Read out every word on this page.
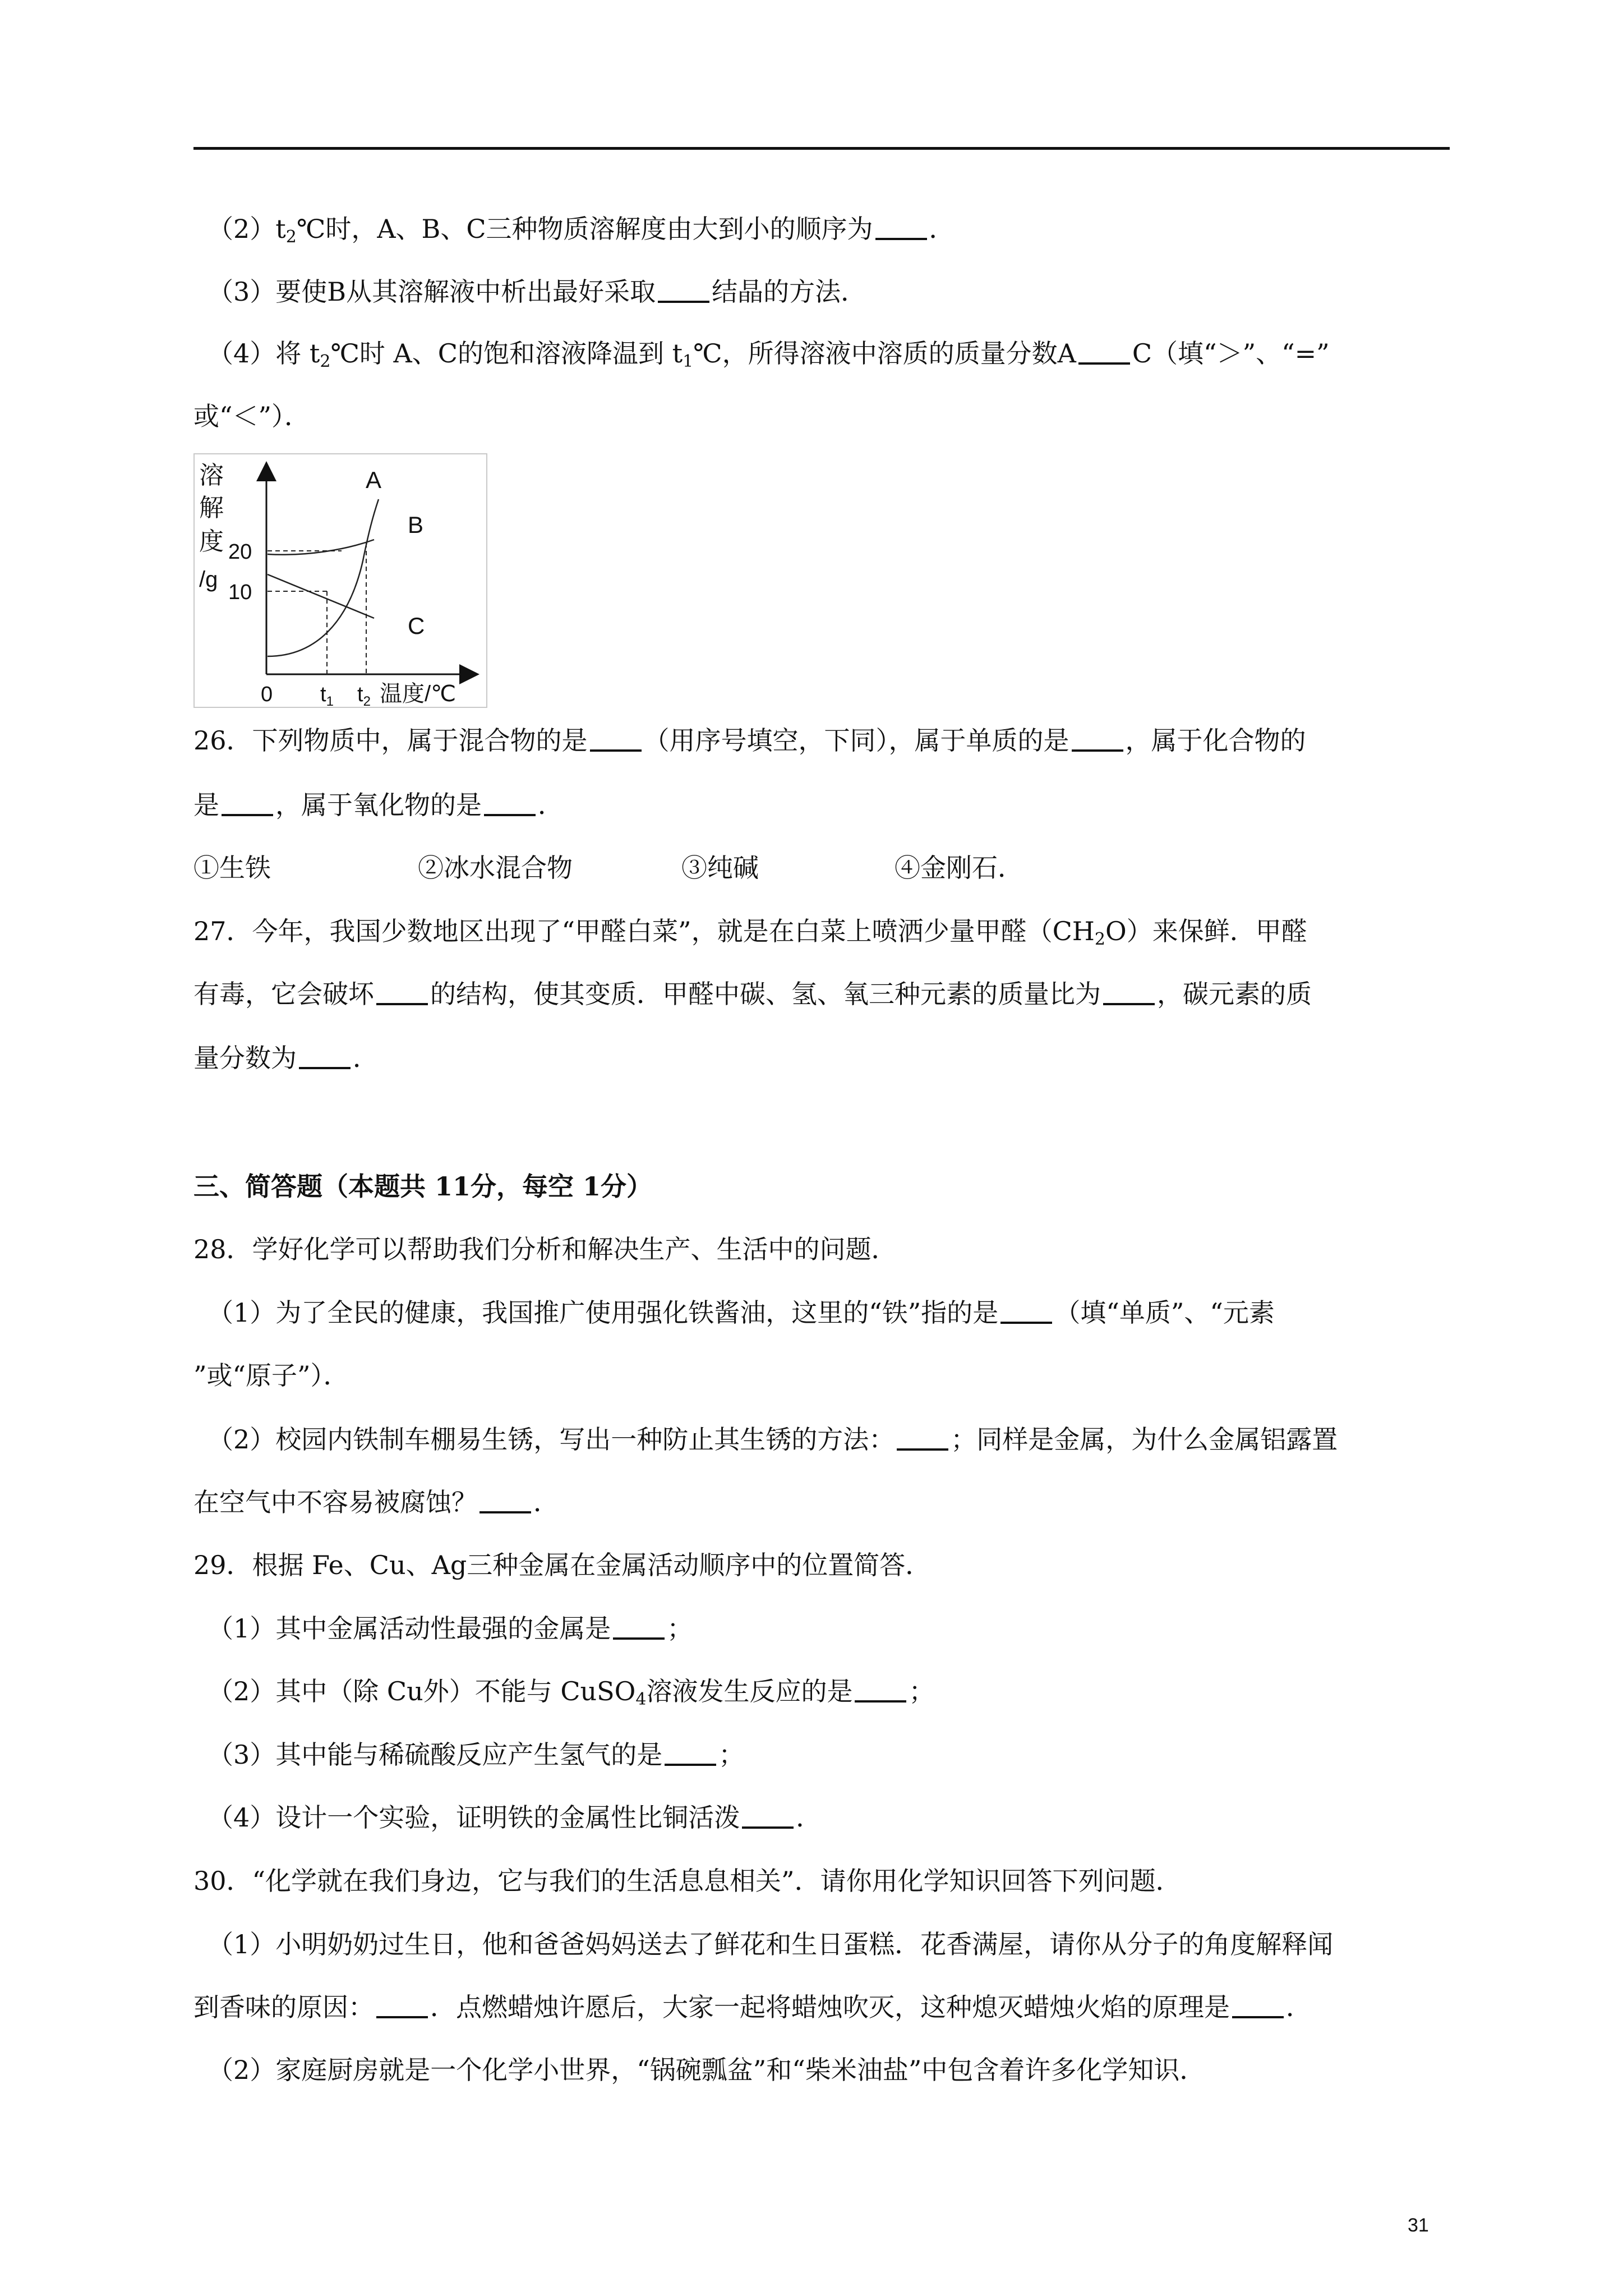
$(2)t_2℃$时，A、B、C三种物质溶解度由大到小的顺序为 ．
（3）要使B从其溶解液中析出最好采取 结晶的方法．
（4）将 $t_2℃$时 A、C的饱和溶液降温到 $t_1℃$，所得溶液中溶质的质量分数A C（填“＞”、“=”
或“＜”）．
溶
解
度
/g
20
10
0 $t_1$ $t_2$ 温度/℃
A
B
C
26．下列物质中，属于混合物的是 （用序号填空，下同），属于单质的是 ，属于化合物的
是 ，属于氧化物的是 ．
①生铁	②冰水混合物	③纯碱	④金刚石．
27．今年，我国少数地区出现了“甲醛白菜”，就是在白菜上喷洒少量甲醛$(CH_2O)$来保鲜．甲醛
有毒，它会破坏 的结构，使其变质．甲醛中碳、氢、氧三种元素的质量比为 ，碳元素的质
量分数为 ．
三、简答题（本题共 11分，每空 1分）
28．学好化学可以帮助我们分析和解决生产、生活中的问题．
（1）为了全民的健康，我国推广使用强化铁酱油，这里的“铁”指的是 （填“单质”、“元素
”或“原子”）．
（2）校园内铁制车棚易生锈，写出一种防止其生锈的方法： ；同样是金属，为什么金属铝露置
在空气中不容易被腐蚀？ ．
29．根据 Fe、Cu、Ag三种金属在金属活动顺序中的位置简答．
（1）其中金属活动性最强的金属是 ；
（2）其中（除 Cu外）不能与 CuSO$_4$溶液发生反应的是 ；
（3）其中能与稀硫酸反应产生氢气的是 ；
（4）设计一个实验，证明铁的金属性比铜活泼 ．
30．“化学就在我们身边，它与我们的生活息息相关”．请你用化学知识回答下列问题．
（1）小明奶奶过生日，他和爸爸妈妈送去了鲜花和生日蛋糕．花香满屋，请你从分子的角度解释闻
到香味的原因： ．点燃蜡烛许愿后，大家一起将蜡烛吹灭，这种熄灭蜡烛火焰的原理是 ．
（2）家庭厨房就是一个化学小世界，“锅碗瓢盆”和“柴米油盐”中包含着许多化学知识．
31
